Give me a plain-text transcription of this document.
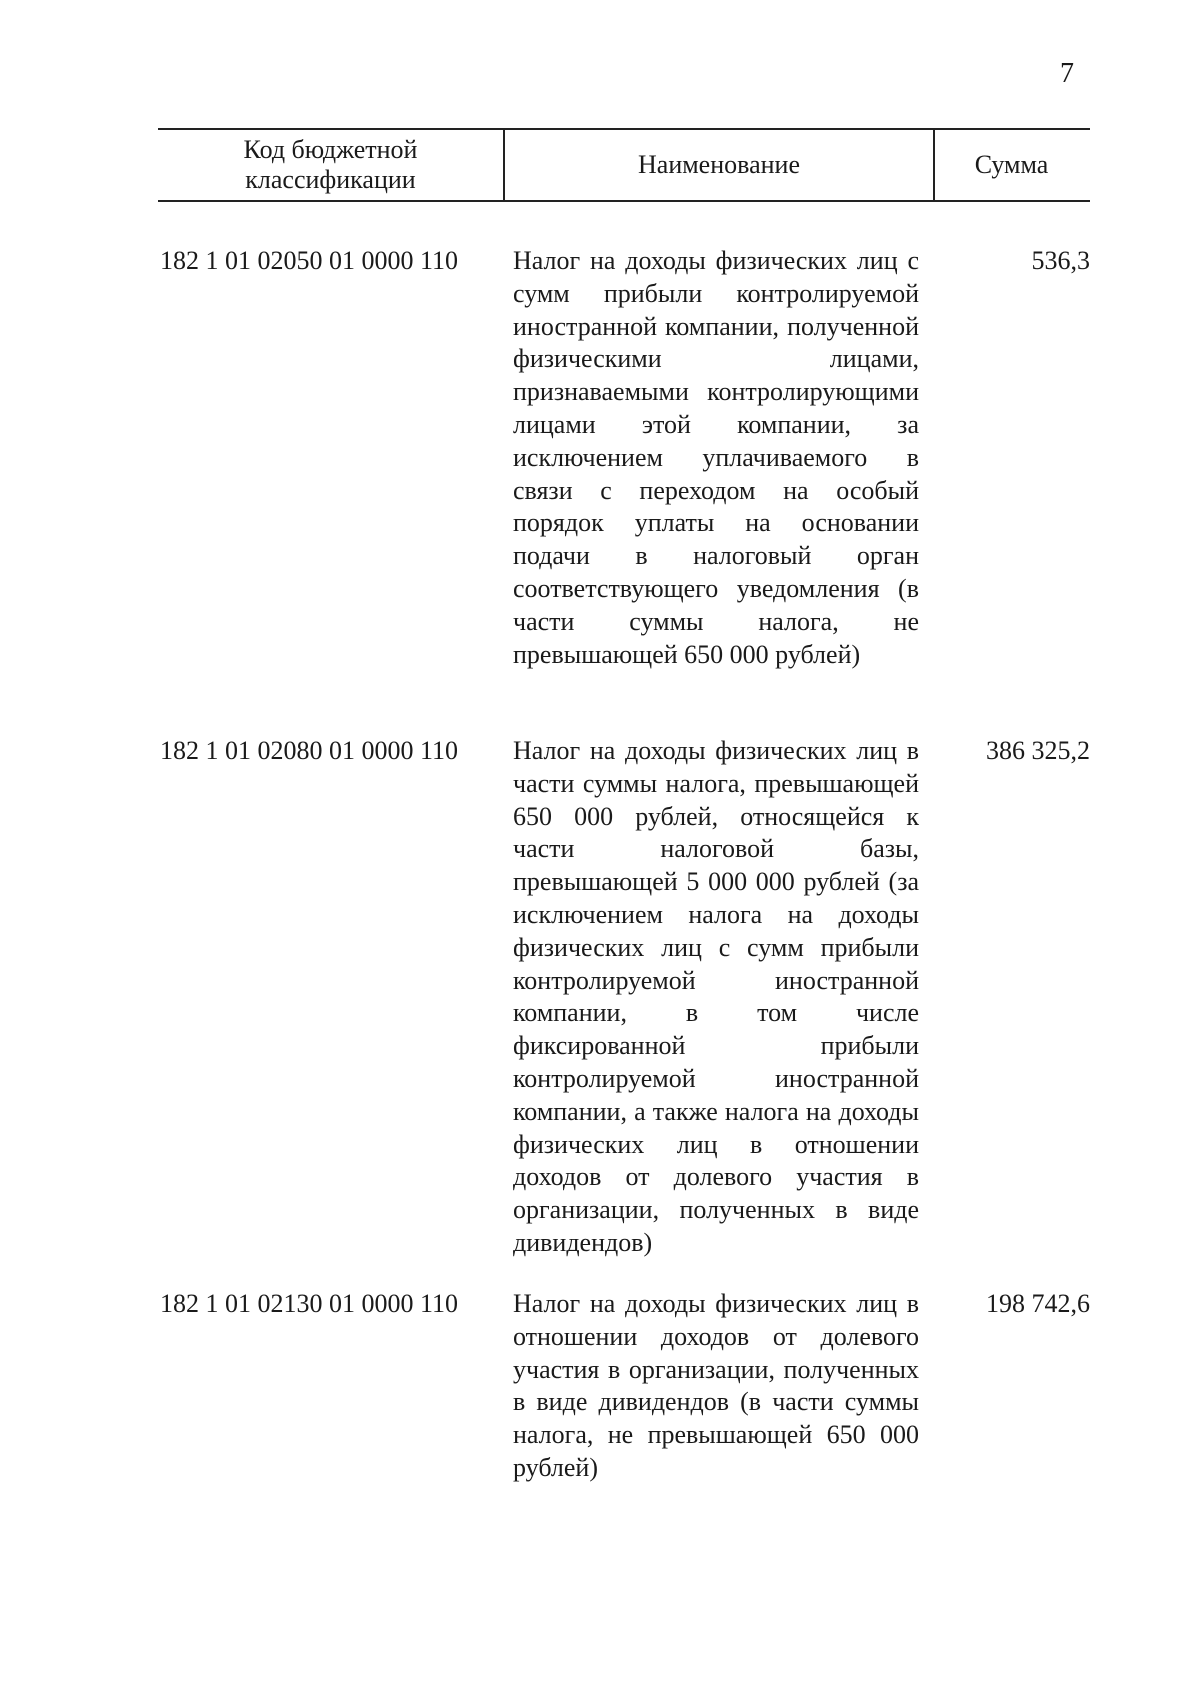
7
Код бюджетной классификации
Наименование	Сумма
182 1 01 02050 01 0000 110 Налог на доходы физических лиц с сумм прибыли контролируемой иностранной компании, полученной физическими лицами, признаваемыми контролирующими лицами этой компании, за исключением уплачиваемого в связи с переходом на особый порядок уплаты на основании подачи в налоговый орган соответствующего уведомления (в части суммы налога, не превышающей 650 000 рублей)
536,3
182 1 01 02080 01 0000 110 Налог на доходы физических лиц в части суммы налога, превышающей 650 000 рублей, относящейся к части налоговой базы, превышающей 5 000 000 рублей (за исключением налога на доходы физических лиц с сумм прибыли контролируемой иностранной компании, в том числе фиксированной прибыли контролируемой иностранной компании, а также налога на доходы физических лиц в отношении доходов от долевого участия в организации, полученных в виде дивидендов)
386 325,2
182 1 01 02130 01 0000 110 Налог на доходы физических лиц в отношении доходов от долевого участия в организации, полученных в виде дивидендов (в части суммы налога, не превышающей 650 000 рублей)
198 742,6
